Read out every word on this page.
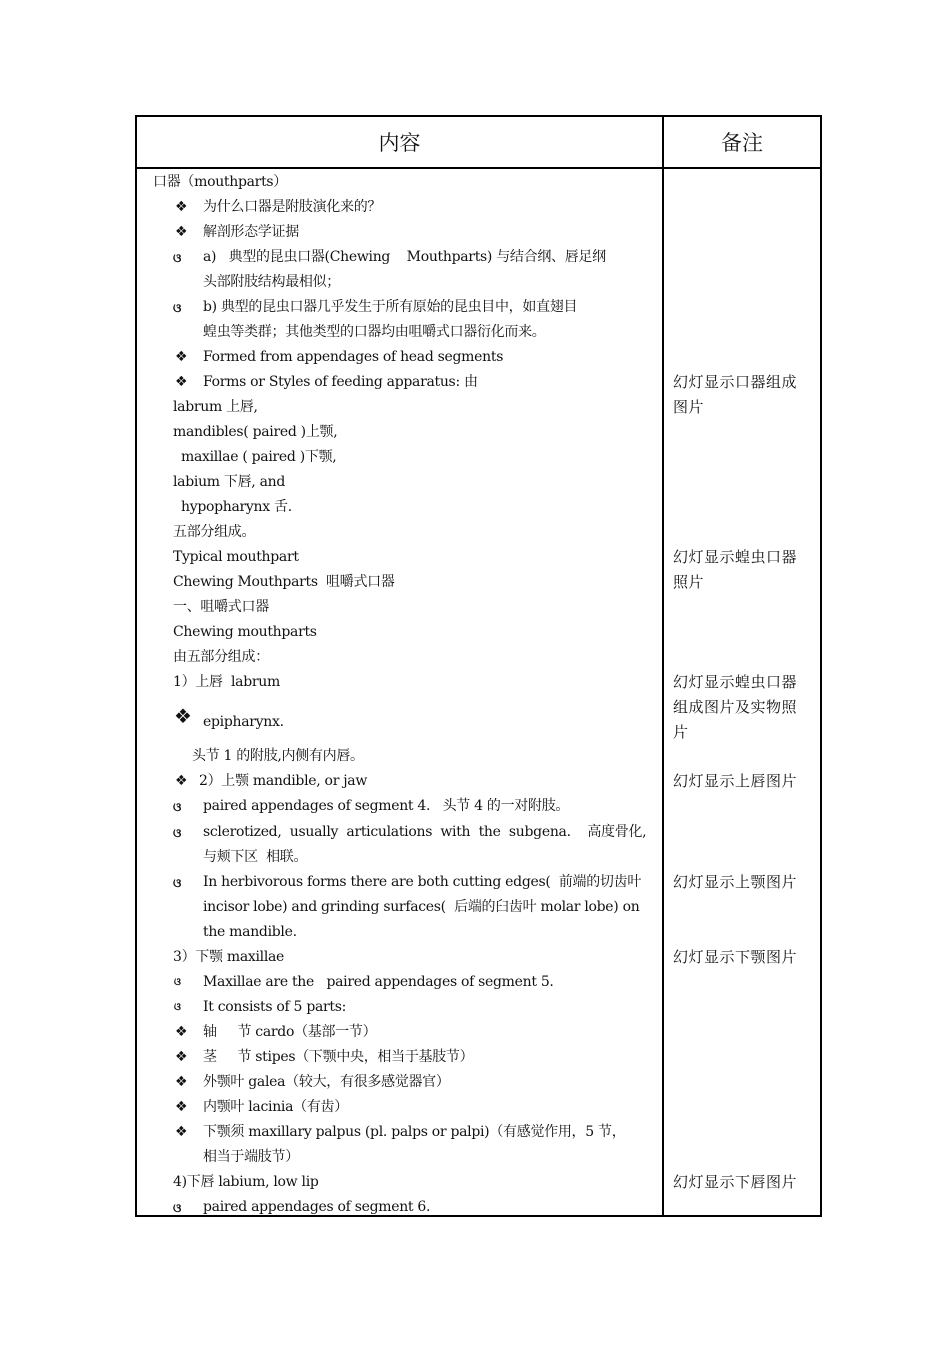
内容	备注
口器（mouthparts）
❖ 为什么口器是附肢演化来的？
❖ 解剖形态学证据
ଓ a)   典型的昆虫口器(Chewing    Mouthparts) 与结合纲、唇足纲
头部附肢结构最相似；
ଓ b) 典型的昆虫口器几乎发生于所有原始的昆虫目中，如直翅目
蝗虫等类群；其他类型的口器均由咀嚼式口器衍化而来。
❖ Formed from appendages of head segments
❖ Forms or Styles of feeding apparatus: 由
labrum 上唇,
mandibles( paired )上颚,
maxillae ( paired )下颚,
labium 下唇, and
hypopharynx 舌.
五部分组成。
Typical mouthpart
Chewing Mouthparts  咀嚼式口器
一、咀嚼式口器
Chewing mouthparts
由五部分组成：
1）上唇  labrum
❖ epipharynx.
头节 1 的附肢,内侧有内唇。
❖ 2）上颚 mandible, or jaw
ଓ paired appendages of segment 4.   头节 4 的一对附肢。
ଓ sclerotized,  usually  articulations  with  the  subgena.    高度骨化,
与颊下区  相联。
ଓ In herbivorous forms there are both cutting edges(  前端的切齿叶
incisor lobe) and grinding surfaces(  后端的臼齿叶 molar lobe) on
the mandible.
3）下颚 maxillae
ଓ Maxillae are the   paired appendages of segment 5.
ଓ It consists of 5 parts:
❖ 轴     节 cardo（基部一节）
❖ 茎     节 stipes（下颚中央，相当于基肢节）
❖ 外颚叶 galea（较大，有很多感觉器官）
❖ 内颚叶 lacinia（有齿）
❖ 下颚须 maxillary palpus (pl. palps or palpi)（有感觉作用，5 节，
相当于端肢节）
4)下唇 labium, low lip
ଓ paired appendages of segment 6.
幻灯显示口器组成
图片
幻灯显示蝗虫口器
照片
幻灯显示蝗虫口器
组成图片及实物照
片
幻灯显示上唇图片
幻灯显示上颚图片
幻灯显示下颚图片
幻灯显示下唇图片
